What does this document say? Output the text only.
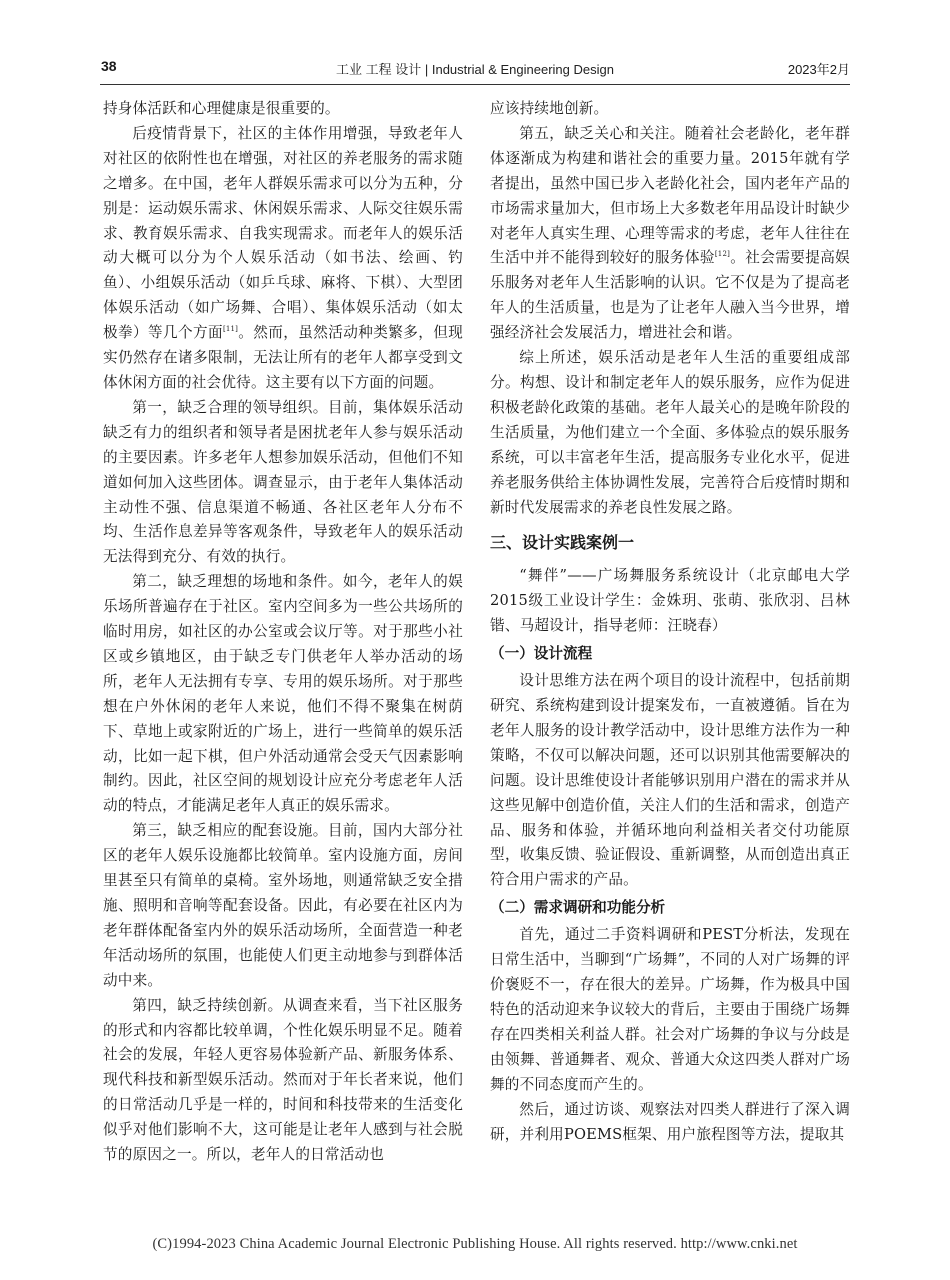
38	工业 工程 设计 | Industrial & Engineering Design	2023年2月

持身体活跃和心理健康是很重要的。

后疫情背景下，社区的主体作用增强，导致老年人对社区的依附性也在增强，对社区的养老服务的需求随之增多。在中国，老年人群娱乐需求可以分为五种，分别是：运动娱乐需求、休闲娱乐需求、人际交往娱乐需求、教育娱乐需求、自我实现需求。而老年人的娱乐活动大概可以分为个人娱乐活动（如书法、绘画、钓鱼）、小组娱乐活动（如乒乓球、麻将、下棋）、大型团体娱乐活动（如广场舞、合唱）、集体娱乐活动（如太极拳）等几个方面[11]。然而，虽然活动种类繁多，但现实仍然存在诸多限制，无法让所有的老年人都享受到文体休闲方面的社会优待。这主要有以下方面的问题。

第一，缺乏合理的领导组织。目前，集体娱乐活动缺乏有力的组织者和领导者是困扰老年人参与娱乐活动的主要因素。许多老年人想参加娱乐活动，但他们不知道如何加入这些团体。调查显示，由于老年人集体活动主动性不强、信息渠道不畅通、各社区老年人分布不均、生活作息差异等客观条件，导致老年人的娱乐活动无法得到充分、有效的执行。

第二，缺乏理想的场地和条件。如今，老年人的娱乐场所普遍存在于社区。室内空间多为一些公共场所的临时用房，如社区的办公室或会议厅等。对于那些小社区或乡镇地区，由于缺乏专门供老年人举办活动的场所，老年人无法拥有专享、专用的娱乐场所。对于那些想在户外休闲的老年人来说，他们不得不聚集在树荫下、草地上或家附近的广场上，进行一些简单的娱乐活动，比如一起下棋，但户外活动通常会受天气因素影响制约。因此，社区空间的规划设计应充分考虑老年人活动的特点，才能满足老年人真正的娱乐需求。

第三，缺乏相应的配套设施。目前，国内大部分社区的老年人娱乐设施都比较简单。室内设施方面，房间里甚至只有简单的桌椅。室外场地，则通常缺乏安全措施、照明和音响等配套设备。因此，有必要在社区内为老年群体配备室内外的娱乐活动场所，全面营造一种老年活动场所的氛围，也能使人们更主动地参与到群体活动中来。

第四，缺乏持续创新。从调查来看，当下社区服务的形式和内容都比较单调，个性化娱乐明显不足。随着社会的发展，年轻人更容易体验新产品、新服务体系、现代科技和新型娱乐活动。然而对于年长者来说，他们的日常活动几乎是一样的，时间和科技带来的生活变化似乎对他们影响不大，这可能是让老年人感到与社会脱节的原因之一。所以，老年人的日常活动也

应该持续地创新。

第五，缺乏关心和关注。随着社会老龄化，老年群体逐渐成为构建和谐社会的重要力量。2015年就有学者提出，虽然中国已步入老龄化社会，国内老年产品的市场需求量加大，但市场上大多数老年用品设计时缺少对老年人真实生理、心理等需求的考虑，老年人往往在生活中并不能得到较好的服务体验[12]。社会需要提高娱乐服务对老年人生活影响的认识。它不仅是为了提高老年人的生活质量，也是为了让老年人融入当今世界，增强经济社会发展活力，增进社会和谐。

综上所述，娱乐活动是老年人生活的重要组成部分。构想、设计和制定老年人的娱乐服务，应作为促进积极老龄化政策的基础。老年人最关心的是晚年阶段的生活质量，为他们建立一个全面、多体验点的娱乐服务系统，可以丰富老年生活，提高服务专业化水平，促进养老服务供给主体协调性发展，完善符合后疫情时期和新时代发展需求的养老良性发展之路。

三、设计实践案例一

“舞伴”——广场舞服务系统设计（北京邮电大学2015级工业设计学生：金姝玥、张萌、张欣羽、吕林锴、马超设计，指导老师：汪晓春）

（一）设计流程

设计思维方法在两个项目的设计流程中，包括前期研究、系统构建到设计提案发布，一直被遵循。旨在为老年人服务的设计教学活动中，设计思维方法作为一种策略，不仅可以解决问题，还可以识别其他需要解决的问题。设计思维使设计者能够识别用户潜在的需求并从这些见解中创造价值，关注人们的生活和需求，创造产品、服务和体验，并循环地向利益相关者交付功能原型，收集反馈、验证假设、重新调整，从而创造出真正符合用户需求的产品。

（二）需求调研和功能分析

首先，通过二手资料调研和PEST分析法，发现在日常生活中，当聊到“广场舞”，不同的人对广场舞的评价褒贬不一，存在很大的差异。广场舞，作为极具中国特色的活动迎来争议较大的背后，主要由于围绕广场舞存在四类相关利益人群。社会对广场舞的争议与分歧是由领舞、普通舞者、观众、普通大众这四类人群对广场舞的不同态度而产生的。

然后，通过访谈、观察法对四类人群进行了深入调研，并利用POEMS框架、用户旅程图等方法，提取其

(C)1994-2023 China Academic Journal Electronic Publishing House. All rights reserved. http://www.cnki.net
